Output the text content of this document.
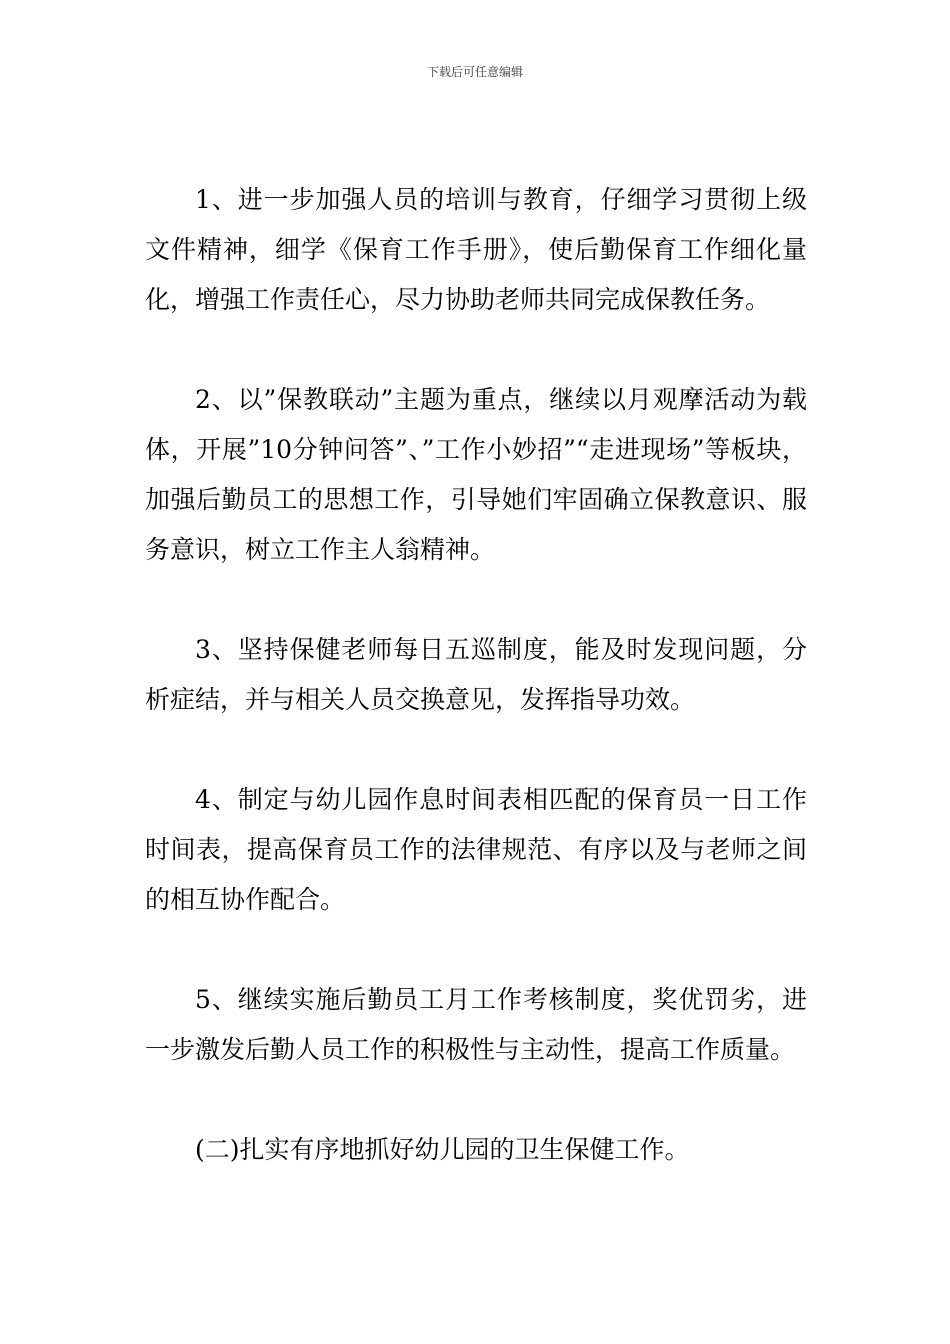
下载后可任意编辑

1、进一步加强人员的培训与教育，仔细学习贯彻上级文件精神，细学《保育工作手册》，使后勤保育工作细化量化，增强工作责任心，尽力协助老师共同完成保教任务。

2、以”保教联动”主题为重点，继续以月观摩活动为载体，开展”10分钟问答”、”工作小妙招”“走进现场”等板块，加强后勤员工的思想工作，引导她们牢固确立保教意识、服务意识，树立工作主人翁精神。

3、坚持保健老师每日五巡制度，能及时发现问题，分析症结，并与相关人员交换意见，发挥指导功效。

4、制定与幼儿园作息时间表相匹配的保育员一日工作时间表，提高保育员工作的法律规范、有序以及与老师之间的相互协作配合。

5、继续实施后勤员工月工作考核制度，奖优罚劣，进一步激发后勤人员工作的积极性与主动性，提高工作质量。

(二)扎实有序地抓好幼儿园的卫生保健工作。
